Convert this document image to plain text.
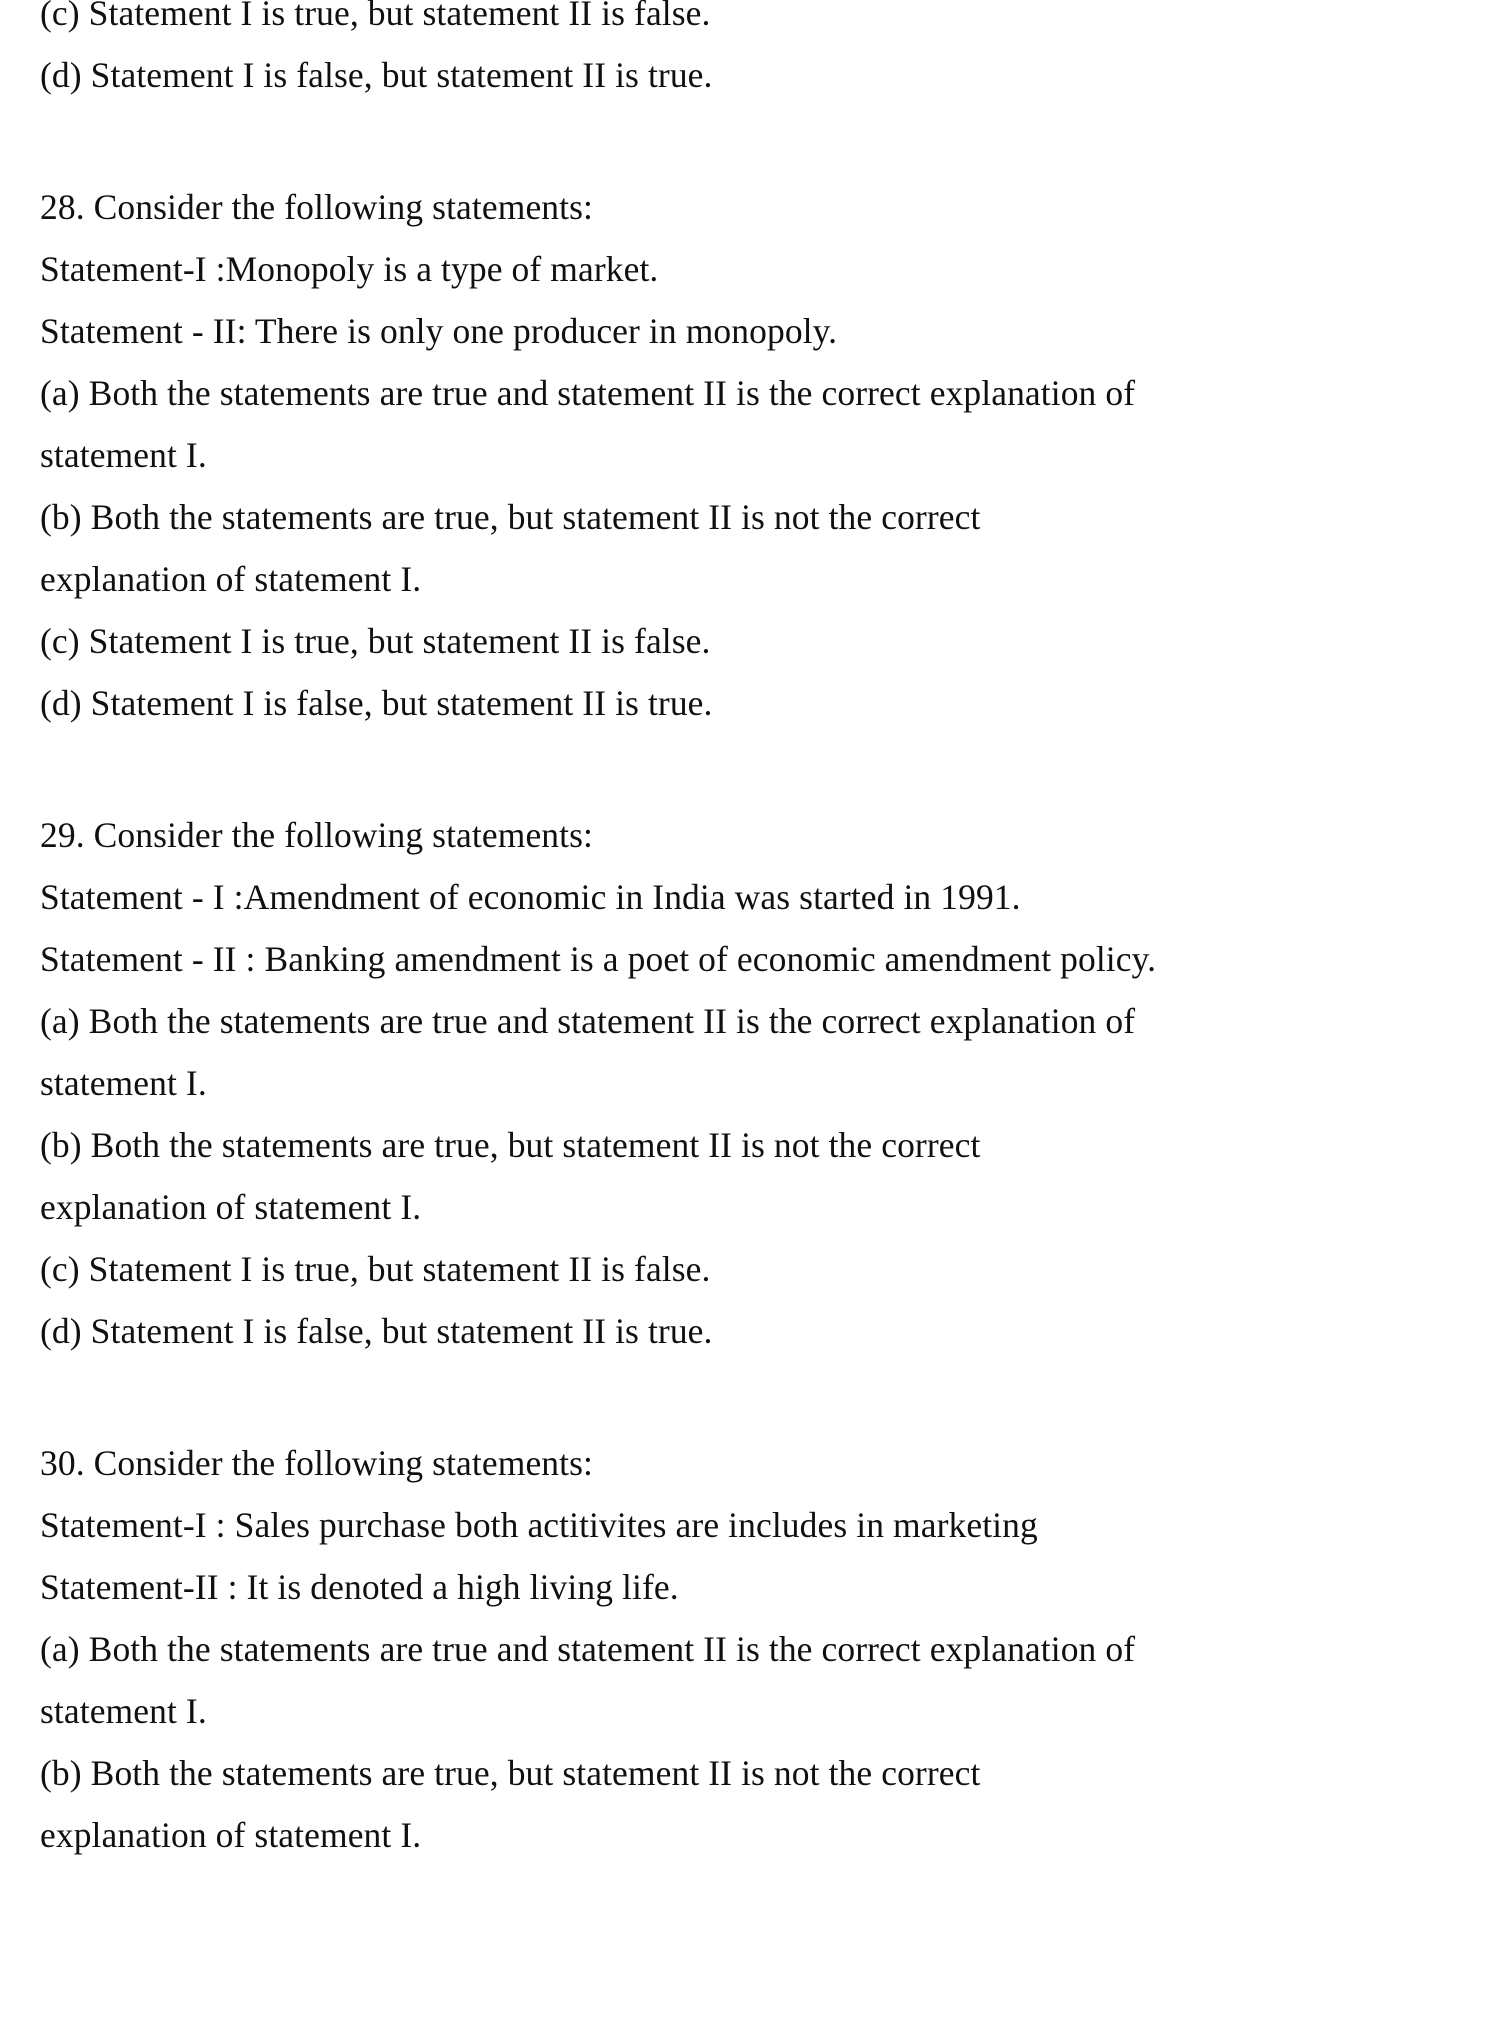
(c) Statement I is true, but statement II is false.
(d) Statement I is false, but statement II is true.
28. Consider the following statements:
Statement-I :Monopoly is a type of market.
Statement - II: There is only one producer in monopoly.
(a) Both the statements are true and statement II is the correct explanation of statement I.
(b) Both the statements are true, but statement II is not the correct explanation of statement I.
(c) Statement I is true, but statement II is false.
(d) Statement I is false, but statement II is true.
29. Consider the following statements:
Statement - I :Amendment of economic in India was started in 1991.
Statement - II : Banking amendment is a poet of economic amendment policy.
(a) Both the statements are true and statement II is the correct explanation of statement I.
(b) Both the statements are true, but statement II is not the correct explanation of statement I.
(c) Statement I is true, but statement II is false.
(d) Statement I is false, but statement II is true.
30. Consider the following statements:
Statement-I : Sales purchase both actitivites are includes in marketing
Statement-II : It is denoted a high living life.
(a) Both the statements are true and statement II is the correct explanation of statement I.
(b) Both the statements are true, but statement II is not the correct explanation of statement I.
